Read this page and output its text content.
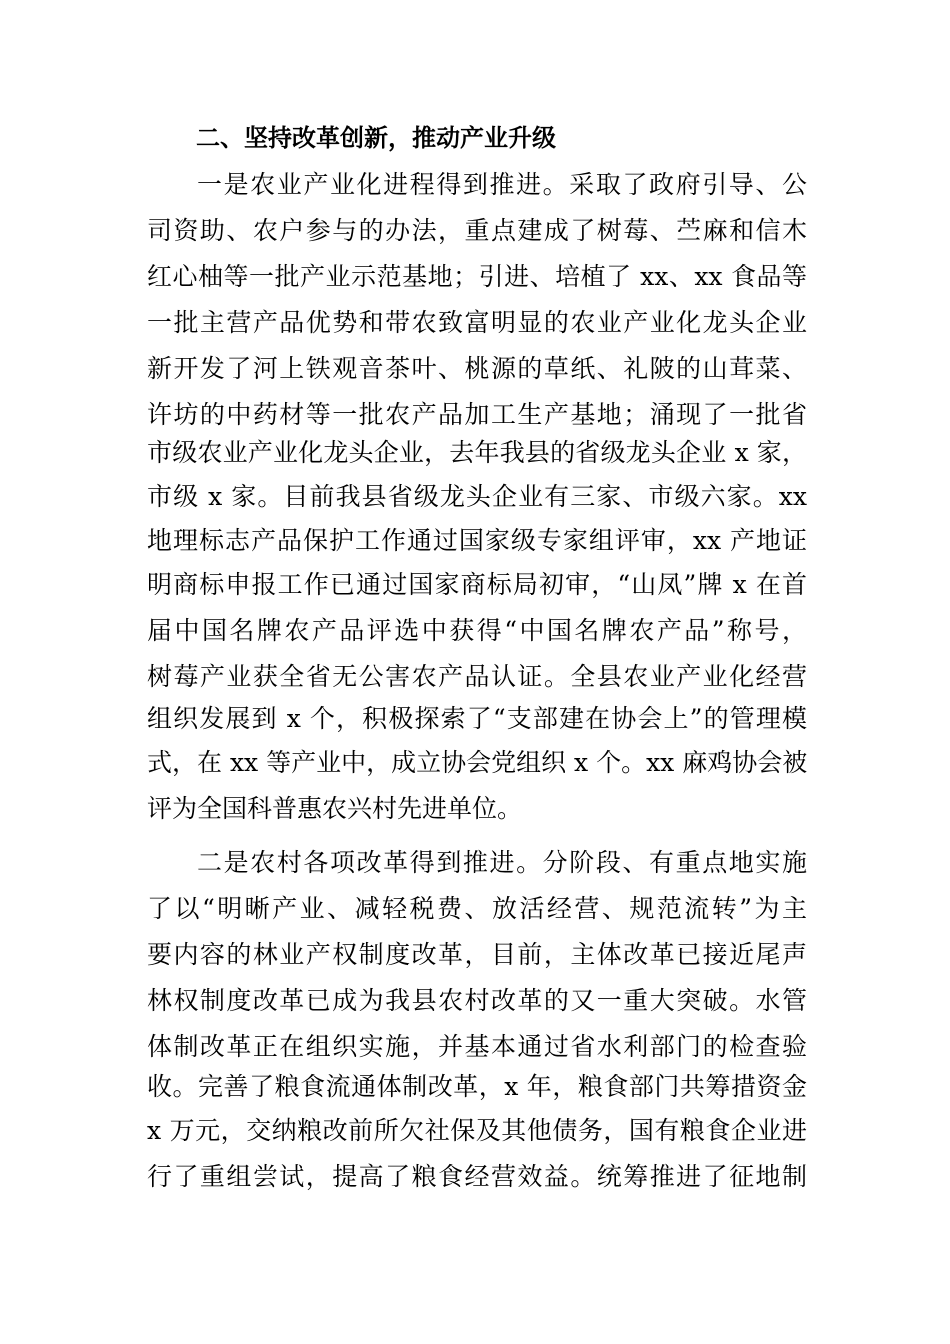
二、坚持改革创新，推动产业升级
一是农业产业化进程得到推进。采取了政府引导、公
司资助、农户参与的办法，重点建成了树莓、苎麻和信木
红心柚等一批产业示范基地；引进、培植了 xx、xx 食品等
一批主营产品优势和带农致富明显的农业产业化龙头企业
新开发了河上铁观音茶叶、桃源的草纸、礼陂的山茸菜、
许坊的中药材等一批农产品加工生产基地；涌现了一批省
市级农业产业化龙头企业，去年我县的省级龙头企业 x 家，
市级 x 家。目前我县省级龙头企业有三家、市级六家。xx
地理标志产品保护工作通过国家级专家组评审，xx 产地证
明商标申报工作已通过国家商标局初审，“山凤”牌 x 在首
届中国名牌农产品评选中获得“中国名牌农产品”称号，
树莓产业获全省无公害农产品认证。全县农业产业化经营
组织发展到 x 个，积极探索了“支部建在协会上”的管理模
式，在 xx 等产业中，成立协会党组织 x 个。xx 麻鸡协会被
评为全国科普惠农兴村先进单位。
二是农村各项改革得到推进。分阶段、有重点地实施
了以“明晰产业、减轻税费、放活经营、规范流转”为主
要内容的林业产权制度改革，目前，主体改革已接近尾声
林权制度改革已成为我县农村改革的又一重大突破。水管
体制改革正在组织实施，并基本通过省水利部门的检查验
收。完善了粮食流通体制改革，x 年，粮食部门共筹措资金
x 万元，交纳粮改前所欠社保及其他债务，国有粮食企业进
行了重组尝试，提高了粮食经营效益。统筹推进了征地制
